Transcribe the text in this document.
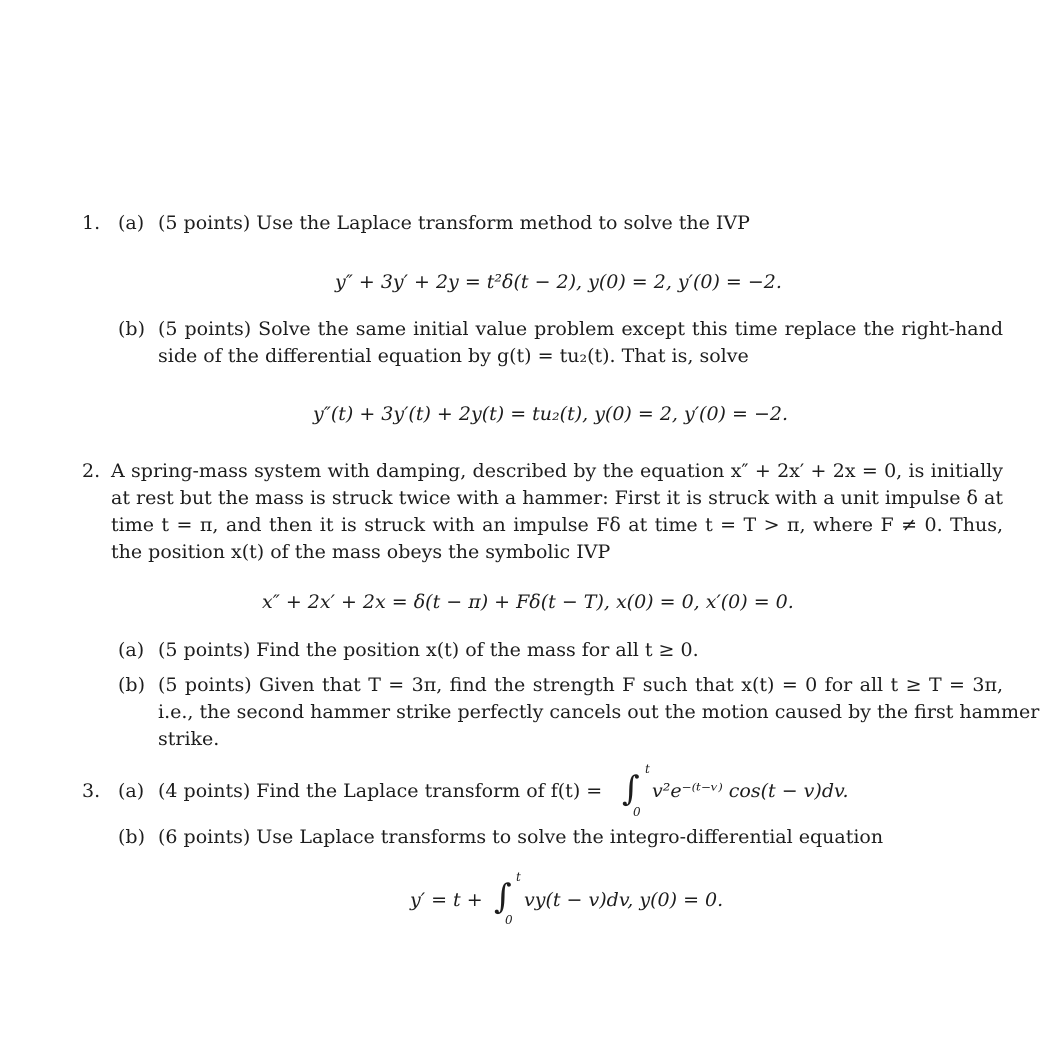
1. (a) (5 points) Use the Laplace transform method to solve the IVP
y″ + 3y′ + 2y = t²δ(t − 2), y(0) = 2, y′(0) = −2.
(b) (5 points) Solve the same initial value problem except this time replace the right-hand
side of the differential equation by g(t) = tu₂(t). That is, solve
y″(t) + 3y′(t) + 2y(t) = tu₂(t), y(0) = 2, y′(0) = −2.
2. A spring-mass system with damping, described by the equation x″ + 2x′ + 2x = 0, is initially
at rest but the mass is struck twice with a hammer: First it is struck with a unit impulse δ at
time t = π, and then it is struck with an impulse Fδ at time t = T > π, where F ≠ 0. Thus,
the position x(t) of the mass obeys the symbolic IVP
x″ + 2x′ + 2x = δ(t − π) + Fδ(t − T), x(0) = 0, x′(0) = 0.
(a) (5 points) Find the position x(t) of the mass for all t ≥ 0.
(b) (5 points) Given that T = 3π, find the strength F such that x(t) = 0 for all t ≥ T = 3π,
i.e., the second hammer strike perfectly cancels out the motion caused by the first hammer
strike.
3. (a) (4 points) Find the Laplace transform of f(t) = ∫ t
0
v²e⁻⁽ᵗ⁻ᵛ⁾ cos(t − v)dv.
(b) (6 points) Use Laplace transforms to solve the integro-differential equation
y′ = t + ∫ t
0
vy(t − v)dv, y(0) = 0.
